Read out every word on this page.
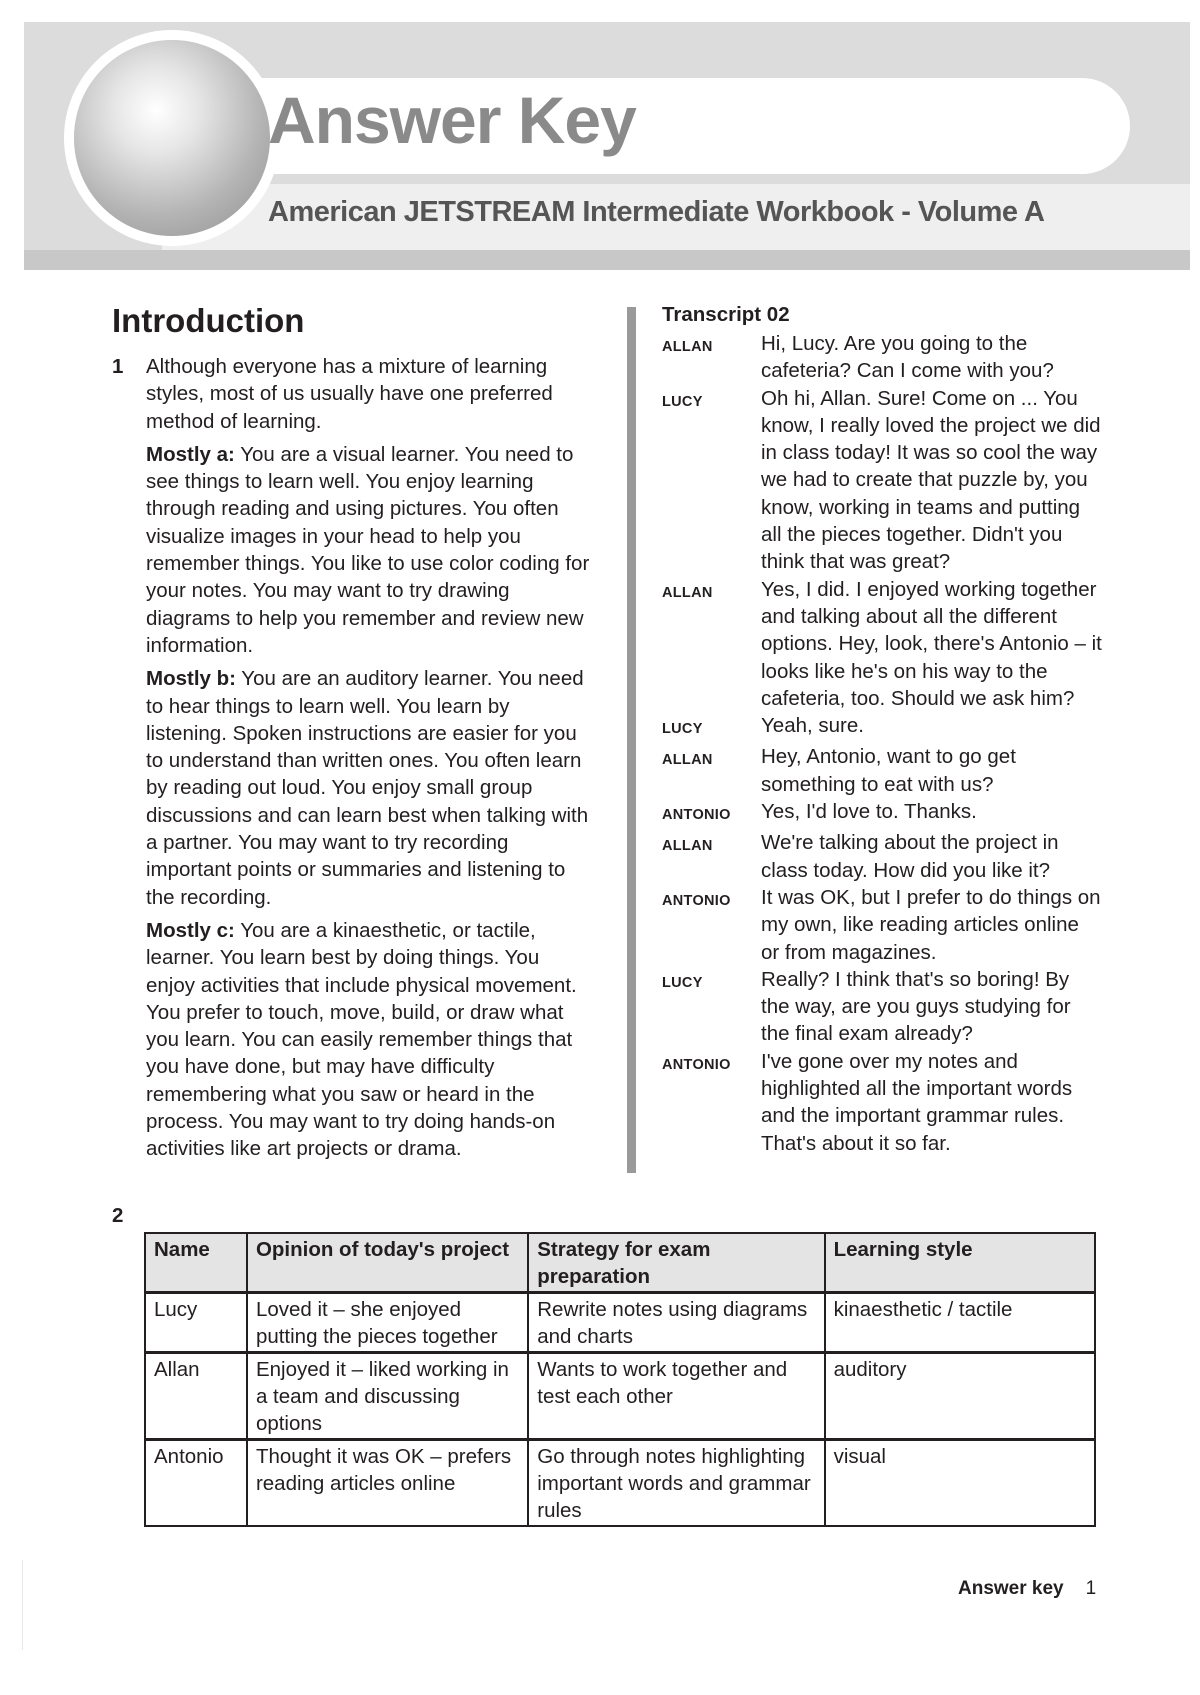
Answer Key
American JETSTREAM Intermediate Workbook - Volume A
Introduction
1 Although everyone has a mixture of learning styles, most of us usually have one preferred method of learning.

Mostly a: You are a visual learner. You need to see things to learn well. You enjoy learning through reading and using pictures. You often visualize images in your head to help you remember things. You like to use color coding for your notes. You may want to try drawing diagrams to help you remember and review new information.

Mostly b: You are an auditory learner. You need to hear things to learn well. You learn by listening. Spoken instructions are easier for you to understand than written ones. You often learn by reading out loud. You enjoy small group discussions and can learn best when talking with a partner. You may want to try recording important points or summaries and listening to the recording.

Mostly c: You are a kinaesthetic, or tactile, learner. You learn best by doing things. You enjoy activities that include physical movement. You prefer to touch, move, build, or draw what you learn. You can easily remember things that you have done, but may have difficulty remembering what you saw or heard in the process. You may want to try doing hands-on activities like art projects or drama.

Transcript 02
ALLAN	Hi, Lucy. Are you going to the cafeteria? Can I come with you?
LUCY	Oh hi, Allan. Sure! Come on ... You know, I really loved the project we did in class today! It was so cool the way we had to create that puzzle by, you know, working in teams and putting all the pieces together. Didn't you think that was great?
ALLAN	Yes, I did. I enjoyed working together and talking about all the different options. Hey, look, there's Antonio – it looks like he's on his way to the cafeteria, too. Should we ask him?
LUCY	Yeah, sure.
ALLAN	Hey, Antonio, want to go get something to eat with us?
ANTONIO	Yes, I'd love to. Thanks.
ALLAN	We're talking about the project in class today. How did you like it?
ANTONIO	It was OK, but I prefer to do things on my own, like reading articles online or from magazines.
LUCY	Really? I think that's so boring! By the way, are you guys studying for the final exam already?
ANTONIO	I've gone over my notes and highlighted all the important words and the important grammar rules. That's about it so far.
2
Name	Opinion of today's project	Strategy for exam preparation	Learning style
Lucy	Loved it – she enjoyed putting the pieces together	Rewrite notes using diagrams and charts	kinaesthetic / tactile
Allan	Enjoyed it – liked working in a team and discussing options	Wants to work together and test each other	auditory
Antonio	Thought it was OK – prefers reading articles online	Go through notes highlighting important words and grammar rules	visual
Answer key 1
